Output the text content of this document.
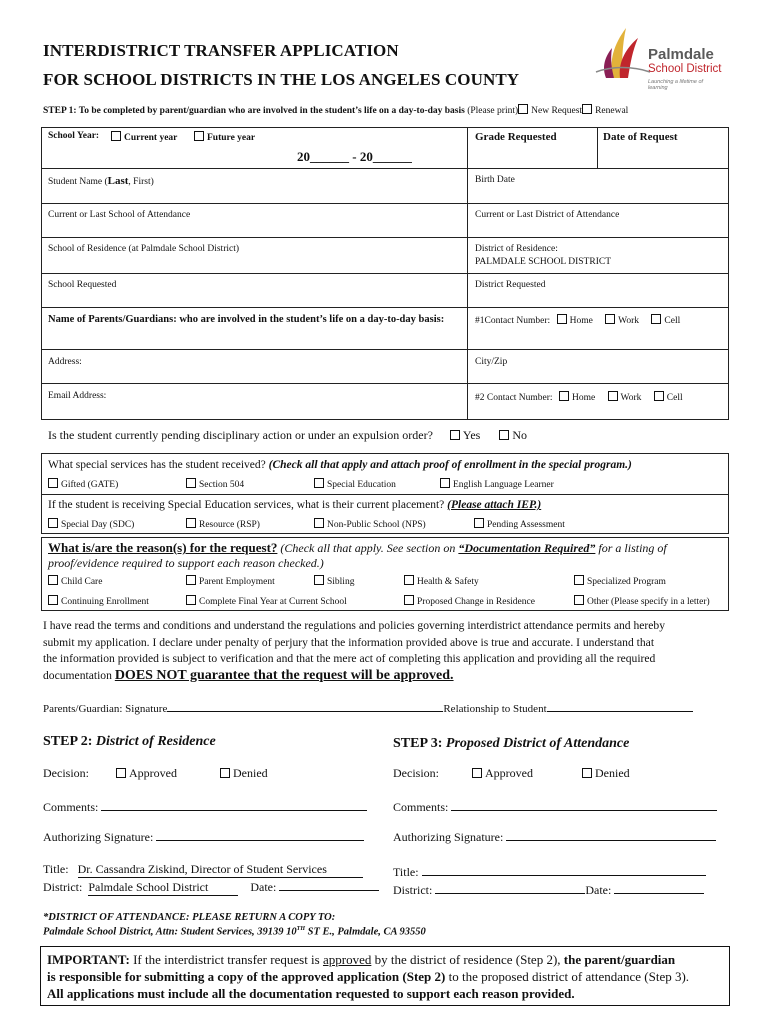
INTERDISTRICT TRANSFER APPLICATION
FOR SCHOOL DISTRICTS IN THE LOS ANGELES COUNTY
Palmdale
School District
Launching a lifetime of learning
STEP 1: To be completed by parent/guardian who are involved in the student’s life on a day-to-day basis (Please print) New Request Renewal
School Year:	Current year	Future year
20______ - 20______
Grade Requested	Date of Request
Student Name (Last, First)	Birth Date
Current or Last School of Attendance	Current or Last District of Attendance
School of Residence (at Palmdale School District)	District of Residence:
PALMDALE SCHOOL DISTRICT
School Requested	District Requested
Name of Parents/Guardians: who are involved in the student’s life on a day-to-day basis:	#1Contact Number: Home	Work	Cell
Address:	City/Zip
Email Address:	#2 Contact Number: Home	Work	Cell
Is the student currently pending disciplinary action or under an expulsion order?	Yes	No
What special services has the student received? (Check all that apply and attach proof of enrollment in the special program.)
Gifted (GATE)	Section 504	Special Education	English Language Learner
If the student is receiving Special Education services, what is their current placement? (Please attach IEP.)
Special Day (SDC)	Resource (RSP)	Non-Public School (NPS)	Pending Assessment
What is/are the reason(s) for the request? (Check all that apply. See section on “Documentation Required” for a listing of
proof/evidence required to support each reason checked.)
Child Care	Parent Employment	Sibling	Health & Safety	Specialized Program
Continuing Enrollment	Complete Final Year at Current School	Proposed Change in Residence	Other (Please specify in a letter)
I have read the terms and conditions and understand the regulations and policies governing interdistrict attendance permits and hereby
submit my application. I declare under penalty of perjury that the information provided above is true and accurate. I understand that
the information provided is subject to verification and that the mere act of completing this application and providing all the required
documentation DOES NOT guarantee that the request will be approved.
Parents/Guardian: Signature	Relationship to Student
STEP 2: District of Residence
Decision:	Approved	Denied
Comments:
Authorizing Signature:
Title: Dr. Cassandra Ziskind, Director of Student Services
District: Palmdale School District	Date:
STEP 3: Proposed District of Attendance
Decision:	Approved	Denied
Comments:
Authorizing Signature:
Title:
District:	Date:
*DISTRICT OF ATTENDANCE: PLEASE RETURN A COPY TO:
Palmdale School District, Attn: Student Services, 39139 10TH ST E., Palmdale, CA 93550
IMPORTANT: If the interdistrict transfer request is approved by the district of residence (Step 2), the parent/guardian
is responsible for submitting a copy of the approved application (Step 2) to the proposed district of attendance (Step 3).
All applications must include all the documentation requested to support each reason provided.
